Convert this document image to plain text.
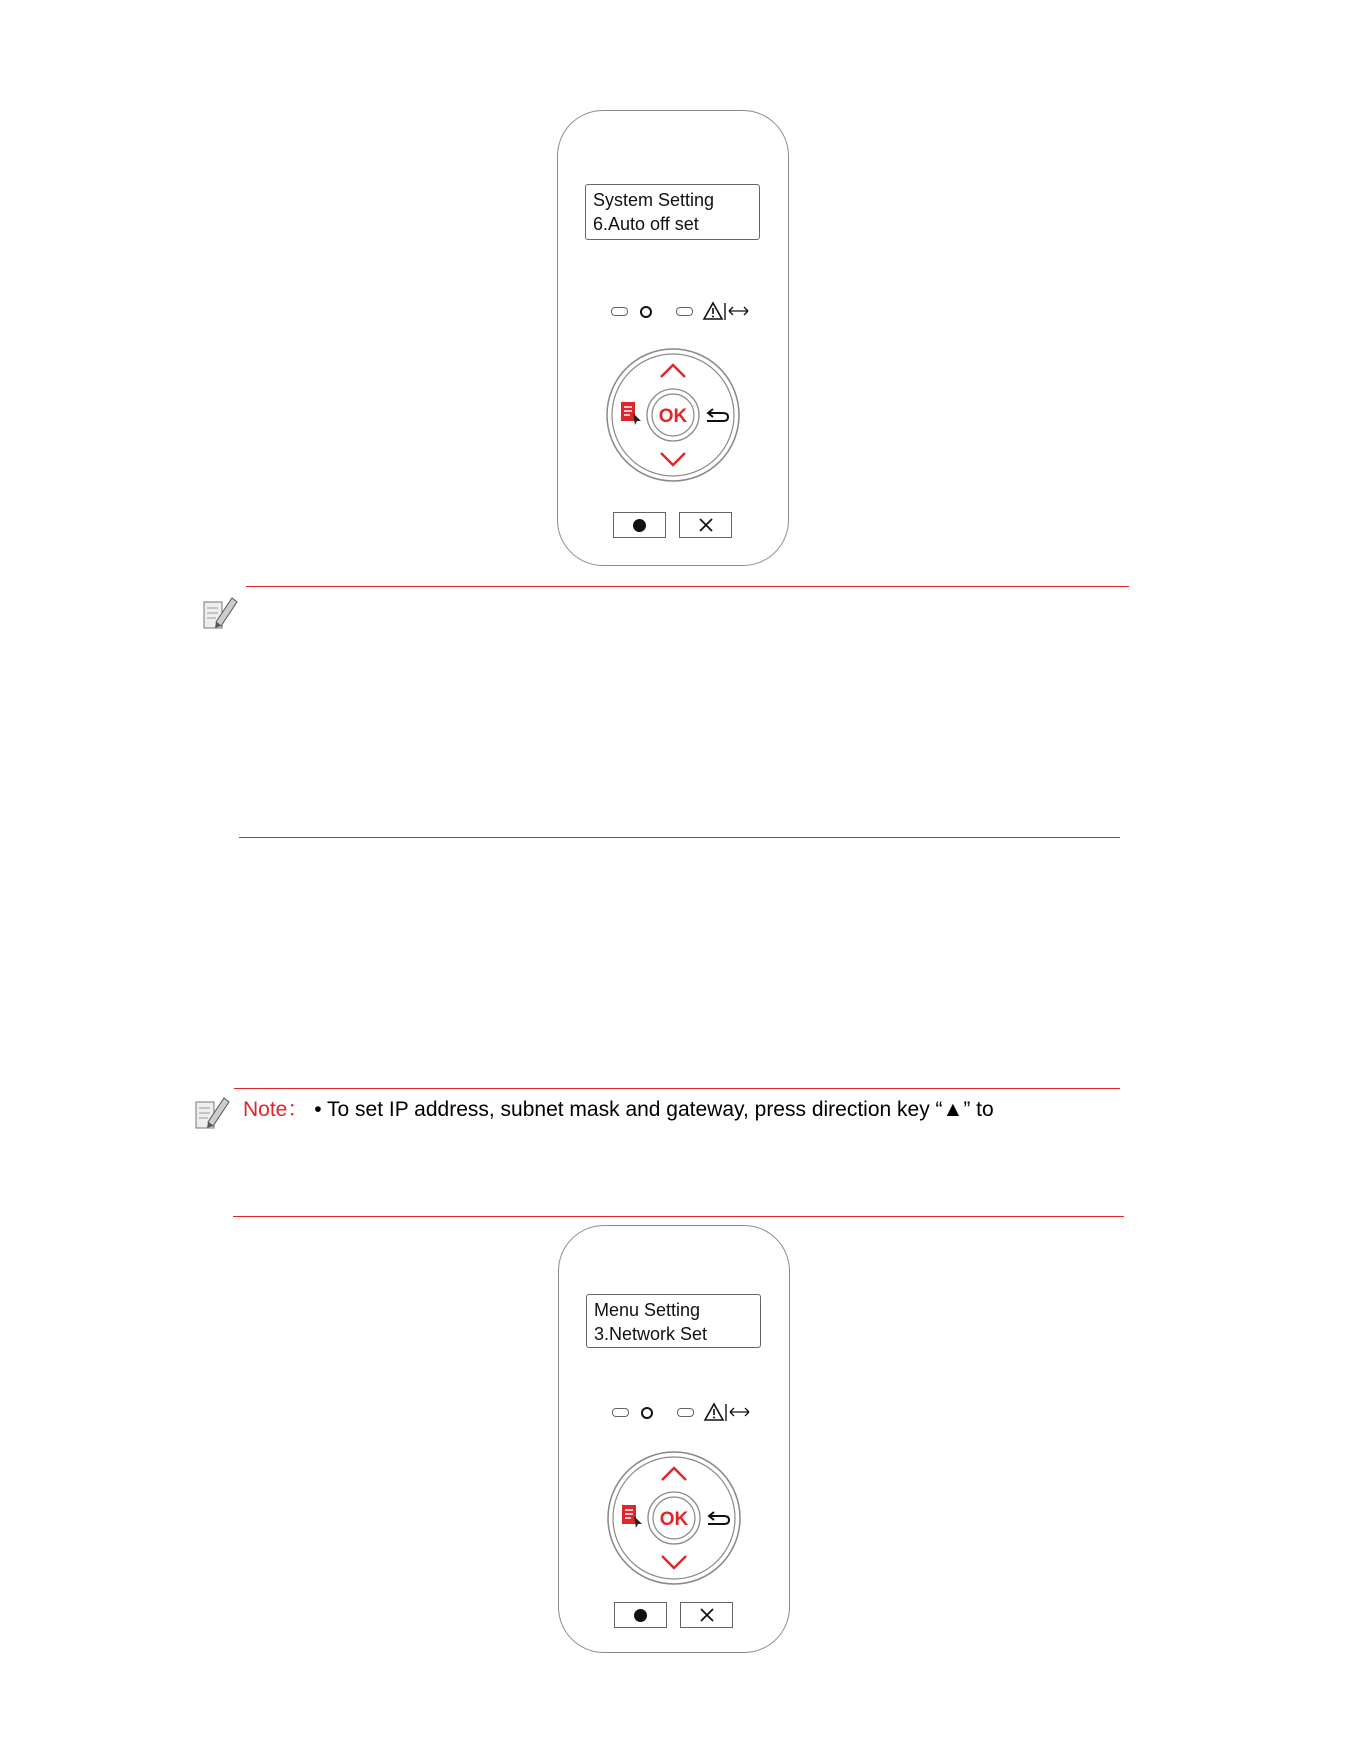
System Setting
6.Auto off set
OK
Note： • To set IP address, subnet mask and gateway, press direction key “▲” to
Menu Setting
3.Network Set
OK
